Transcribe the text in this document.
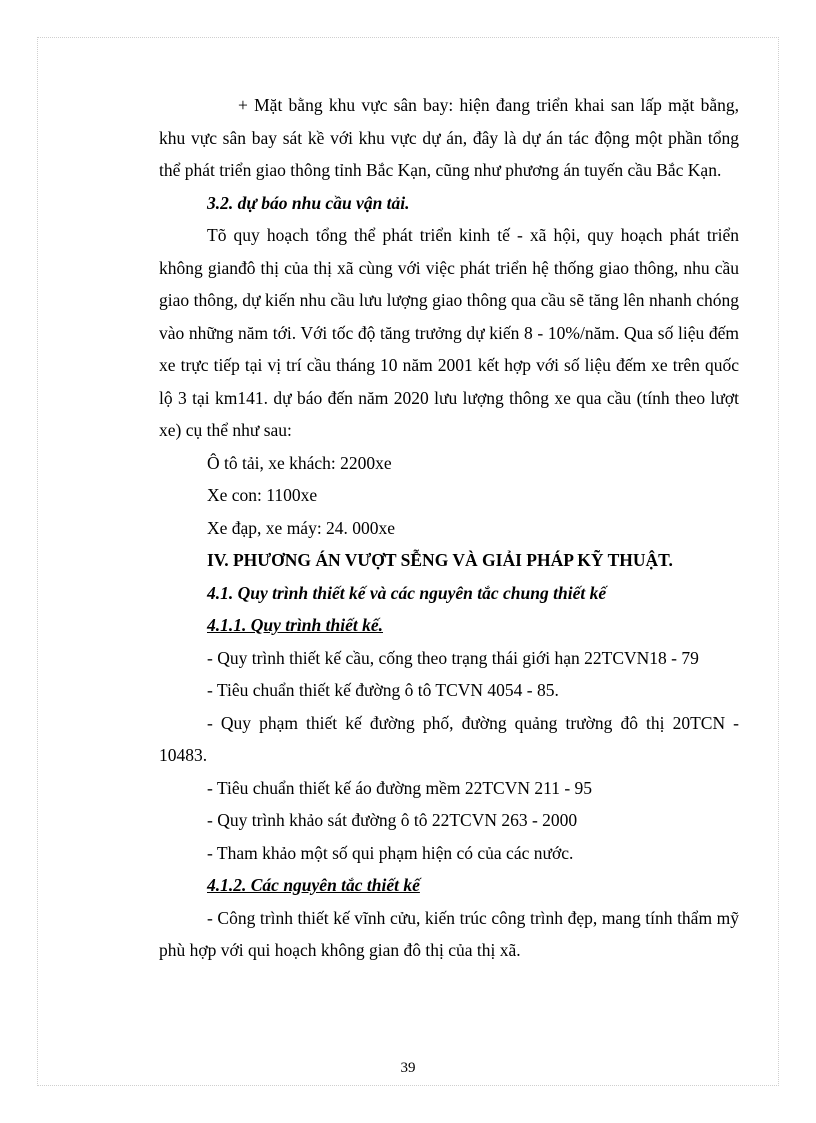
+ Mặt bằng khu vực sân bay: hiện đang triển khai san lấp mặt bằng, khu vực sân bay sát kề với khu vực dự án, đây là dự án tác động một phần tổng thể phát triển giao thông tỉnh Bắc Kạn, cũng như phương án tuyến cầu Bắc Kạn.

3.2. dự báo nhu cầu vận tải.

Tõ quy hoạch tổng thể phát triển kinh tế - xã hội, quy hoạch phát triển không gianđô thị của thị xã cùng với việc phát triển hệ thống giao thông, nhu cầu giao thông, dự kiến nhu cầu lưu lượng giao thông qua cầu sẽ tăng lên nhanh chóng vào những năm tới. Với tốc độ tăng trưởng dự kiến 8 - 10%/năm. Qua số liệu đếm xe trực tiếp tại vị trí cầu tháng 10 năm 2001 kết hợp với số liệu đếm xe trên quốc lộ 3 tại km141. dự báo đến năm 2020 lưu lượng thông xe qua cầu (tính theo lượt xe) cụ thể như sau:

Ô tô tải, xe khách: 2200xe

Xe con: 1100xe

Xe đạp, xe máy: 24. 000xe

IV. PHƯƠNG ÁN VƯỢT SỄNG VÀ GIẢI PHÁP KỸ THUẬT.

4.1. Quy trình thiết kế và các nguyên tắc chung thiết kế

4.1.1. Quy trình thiết kế.

- Quy trình thiết kế cầu, cống theo trạng thái giới hạn 22TCVN18 - 79

- Tiêu chuẩn thiết kế đường ô tô TCVN 4054 - 85.

- Quy phạm thiết kế đường phố, đường quảng trường đô thị 20TCN - 10483.

- Tiêu chuẩn thiết kế áo đường mềm 22TCVN 211 - 95

- Quy trình khảo sát đường ô tô 22TCVN 263 - 2000

- Tham khảo một số qui phạm hiện có của các nước.

4.1.2. Các nguyên tắc thiết kế

- Công trình thiết kế vĩnh cửu, kiến trúc công trình đẹp, mang tính thẩm mỹ phù hợp với qui hoạch không gian đô thị của thị xã.

39
